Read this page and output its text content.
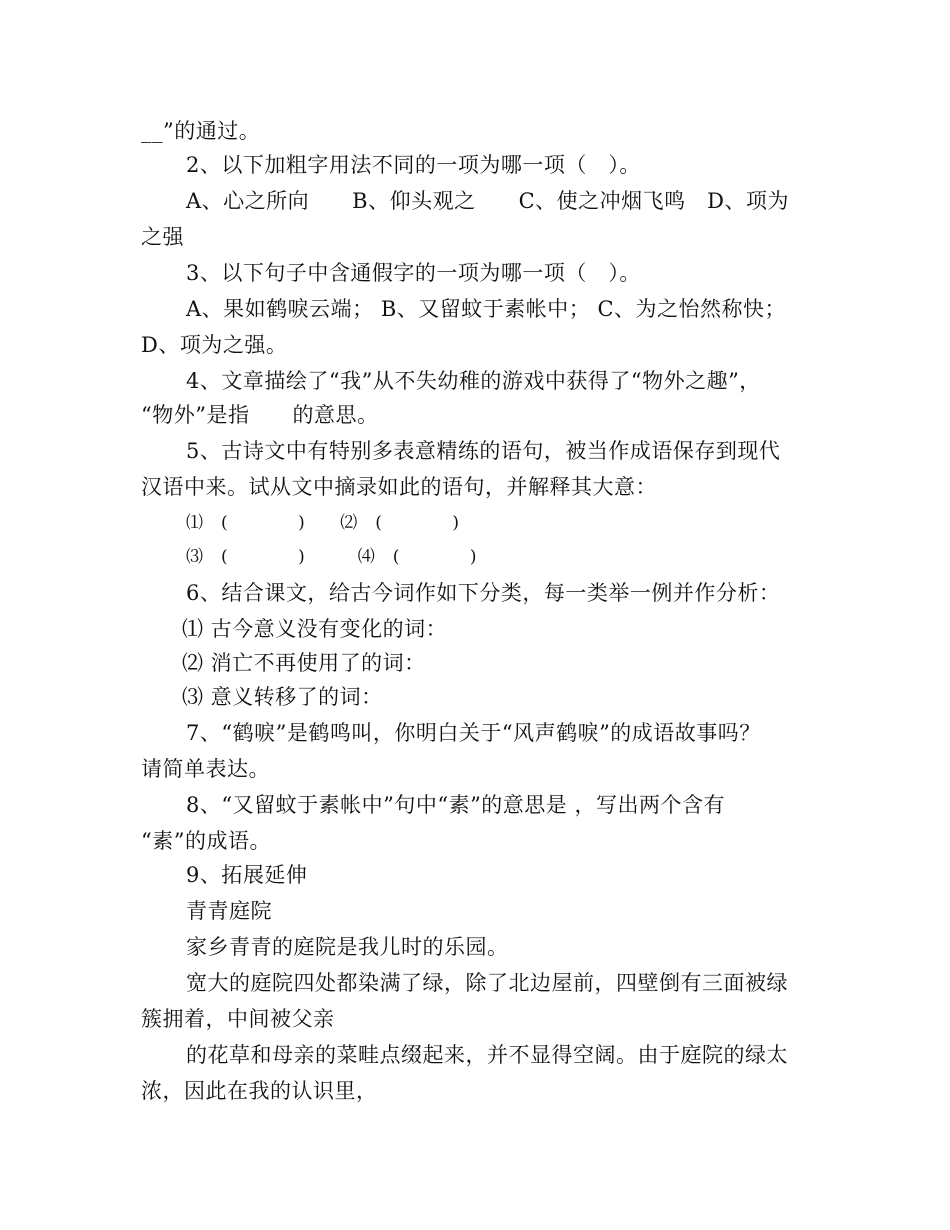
__”的通过。
2、以下加粗字用法不同的一项为哪一项（　）。
A、心之所向　　B、仰头观之　　C、使之冲烟飞鸣　D、项为
之强
3、以下句子中含通假字的一项为哪一项（　）。
A、果如鹤唳云端； B、又留蚊于素帐中； C、为之怡然称快；
D、项为之强。
4、文章描绘了“我”从不失幼稚的游戏中获得了“物外之趣”，
“物外”是指　　的意思。
5、古诗文中有特别多表意精练的语句，被当作成语保存到现代
汉语中来。试从文中摘录如此的语句，并解释其大意：
⑴　(　　　　)　　⑵　(　　　　)
⑶　(　　　　)　　　⑷　(　　　　)
6、结合课文，给古今词作如下分类，每一类举一例并作分析：
⑴ 古今意义没有变化的词：
⑵ 消亡不再使用了的词：
⑶ 意义转移了的词：
7、“鹤唳”是鹤鸣叫，你明白关于“风声鹤唳”的成语故事吗？
请简单表达。
8、“又留蚊于素帐中”句中“素”的意思是 ，写出两个含有
“素”的成语。
9、拓展延伸
青青庭院
家乡青青的庭院是我儿时的乐园。
宽大的庭院四处都染满了绿，除了北边屋前，四壁倒有三面被绿
簇拥着，中间被父亲
的花草和母亲的菜畦点缀起来，并不显得空阔。由于庭院的绿太
浓，因此在我的认识里，
